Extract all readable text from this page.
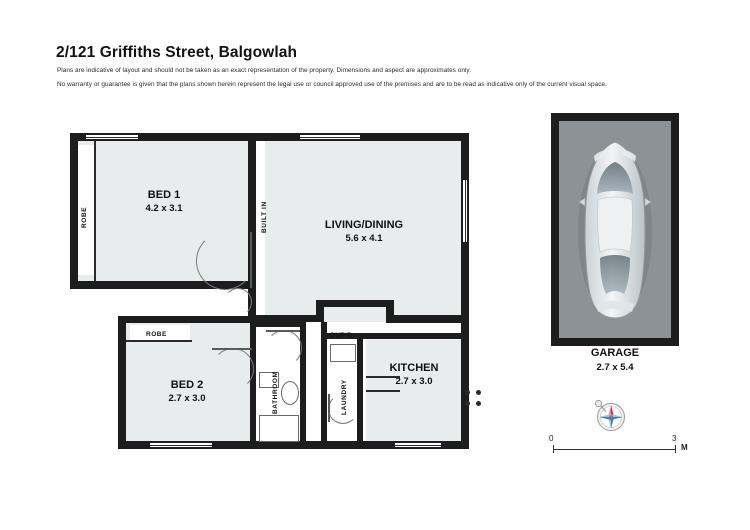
2/121 Griffiths Street, Balgowlah
Plans are indicative of layout and should not be taken as an exact representation of the property. Dimensions and aspect are approximates only.
No warranty or guarantee is given that the plans shown herein represent the legal use or council approved use of the premises and are to be read as indicative only of the current visual space.
BED 1
4.2 x 3.1
LIVING/DINING
5.6 x 4.1
BED 2
2.7 x 3.0
KITCHEN
2.7 x 3.0
ROBE	BUILT IN
ROBE
BATHROOM	LAUNDRY
CUP'D
GARAGE
2.7 x 5.4
0	3
M
